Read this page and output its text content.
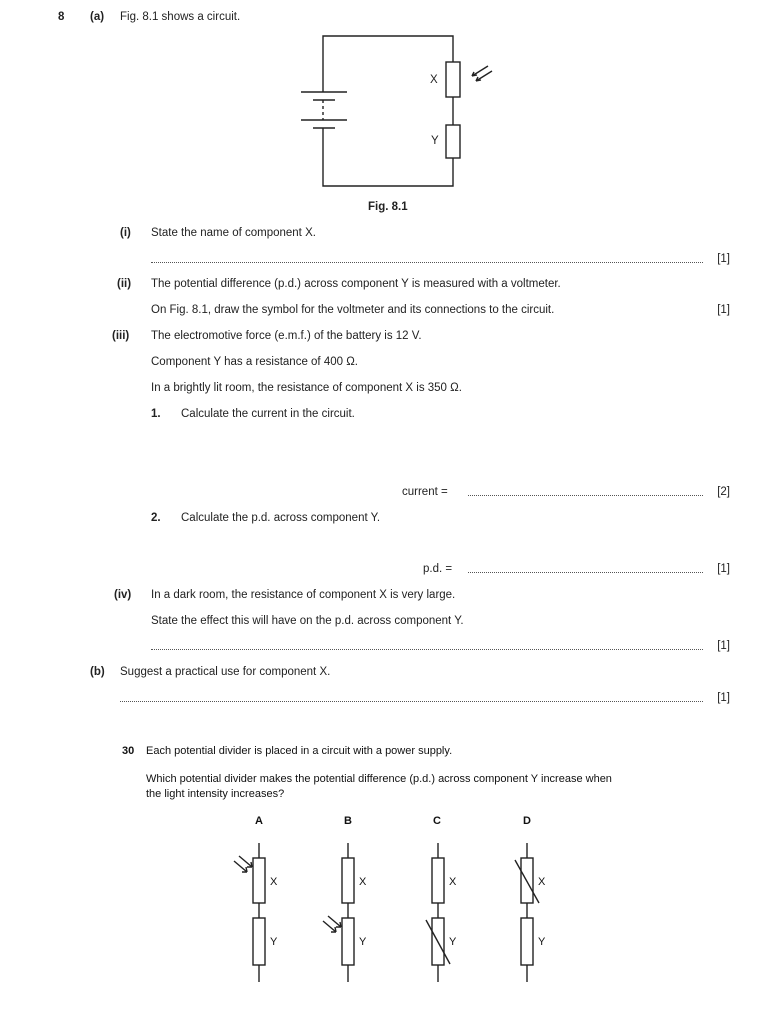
8 (a) Fig. 8.1 shows a circuit.
X
Y
Fig. 8.1
(i) State the name of component X.
[1]
(ii) The potential difference (p.d.) across component Y is measured with a voltmeter.
On Fig. 8.1, draw the symbol for the voltmeter and its connections to the circuit.	[1]
(iii) The electromotive force (e.m.f.) of the battery is 12 V.
Component Y has a resistance of 400 Ω.
In a brightly lit room, the resistance of component X is 350 Ω.
1. Calculate the current in the circuit.
current =	[2]
2. Calculate the p.d. across component Y.
p.d. =	[1]
(iv) In a dark room, the resistance of component X is very large.
State the effect this will have on the p.d. across component Y.
[1]
(b) Suggest a practical use for component X.
[1]
30 Each potential divider is placed in a circuit with a power supply.
Which potential divider makes the potential difference (p.d.) across component Y increase when
the light intensity increases?
A	B	C	D
X
Y
X
Y
X
Y
X
Y
